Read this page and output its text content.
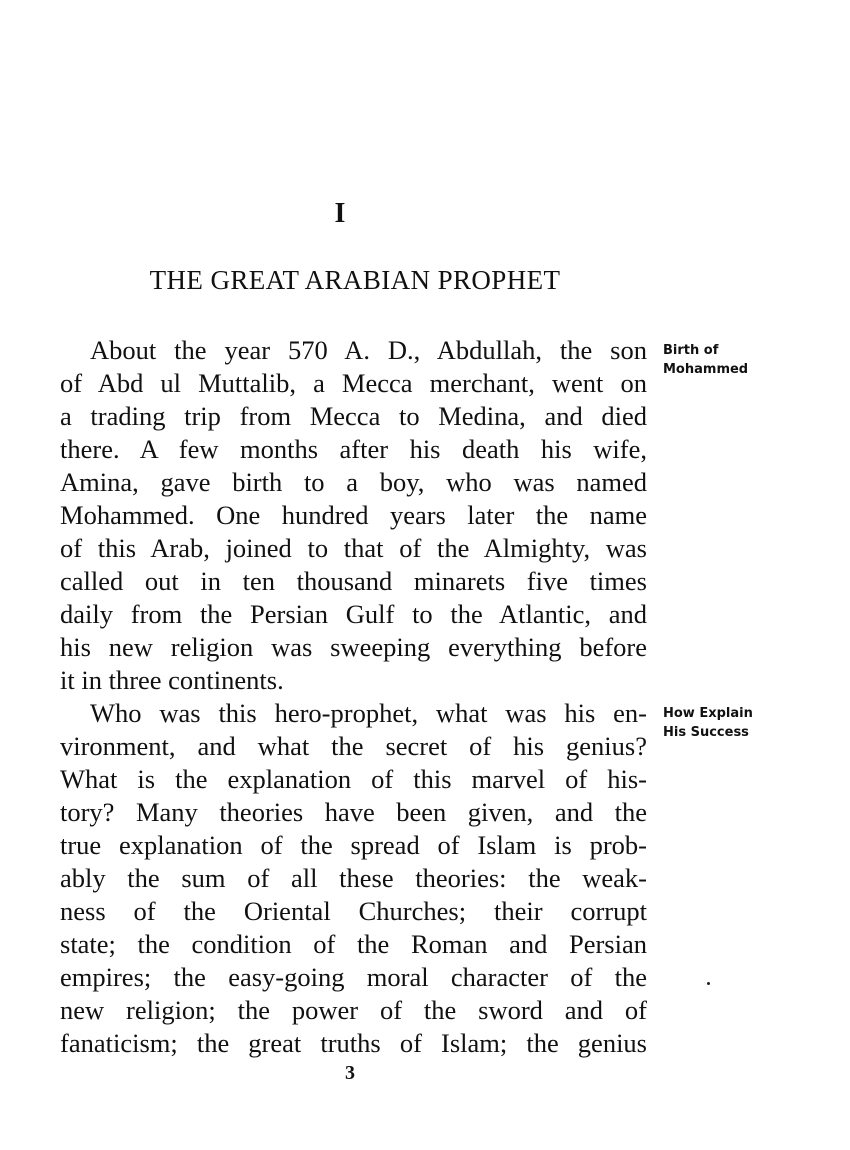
I
THE GREAT ARABIAN PROPHET
About the year 570 A. D., Abdullah, the son
of Abd ul Muttalib, a Mecca merchant, went on
a trading trip from Mecca to Medina, and died
there. A few months after his death his wife,
Amina, gave birth to a boy, who was named
Mohammed. One hundred years later the name
of this Arab, joined to that of the Almighty, was
called out in ten thousand minarets five times
daily from the Persian Gulf to the Atlantic, and
his new religion was sweeping everything before
it in three continents.
Who was this hero-prophet, what was his en-
vironment, and what the secret of his genius?
What is the explanation of this marvel of his-
tory? Many theories have been given, and the
true explanation of the spread of Islam is prob-
ably the sum of all these theories: the weak-
ness of the Oriental Churches; their corrupt
state; the condition of the Roman and Persian
empires; the easy-going moral character of the
new religion; the power of the sword and of
fanaticism; the great truths of Islam; the genius
Birth of
Mohammed
How Explain
His Success
3
